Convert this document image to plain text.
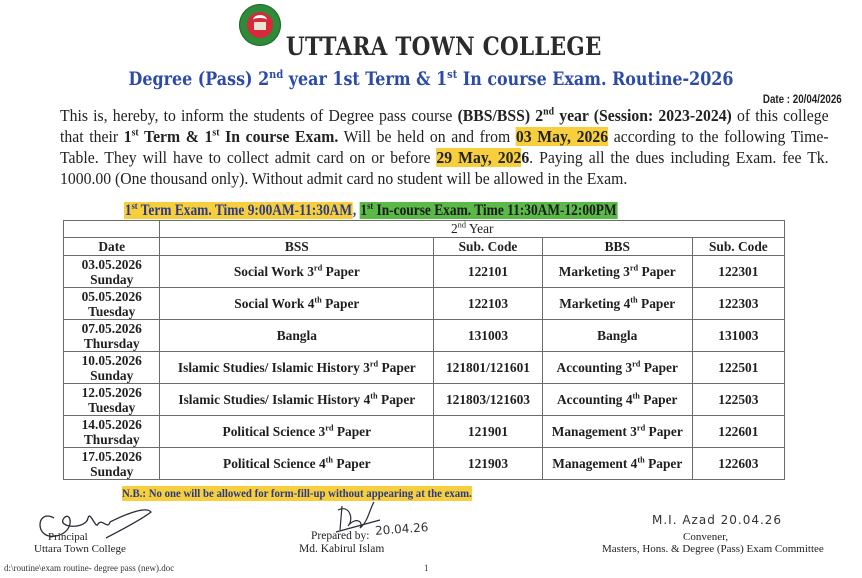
UTTARA TOWN COLLEGE
Degree (Pass) 2nd year 1st Term & 1st In course Exam. Routine-2026
Date : 20/04/2026
This is, hereby, to inform the students of Degree pass course (BBS/BSS) 2nd year (Session: 2023-2024) of this college that their 1st Term & 1st In course Exam. Will be held on and from 03 May, 2026 according to the following Time-Table. They will have to collect admit card on or before 29 May, 2026. Paying all the dues including Exam. fee Tk. 1000.00 (One thousand only). Without admit card no student will be allowed in the Exam.
1st Term Exam. Time 9:00AM-11:30AM, 1st In-course Exam. Time 11:30AM-12:00PM
	2nd Year			
Date	BSS	Sub. Code	BBS	Sub. Code
03.05.2026
Sunday	Social Work 3rd Paper	122101	Marketing 3rd Paper	122301
05.05.2026
Tuesday	Social Work 4th Paper	122103	Marketing 4th Paper	122303
07.05.2026
Thursday	Bangla	131003	Bangla	131003
10.05.2026
Sunday	Islamic Studies/ Islamic History 3rd Paper	121801/121601	Accounting 3rd Paper	122501
12.05.2026
Tuesday	Islamic Studies/ Islamic History 4th Paper	121803/121603	Accounting 4th Paper	122503
14.05.2026
Thursday	Political Science 3rd Paper	121901	Management 3rd Paper	122601
17.05.2026
Sunday	Political Science 4th Paper	121903	Management 4th Paper	122603
N.B.: No one will be allowed for form-fill-up without appearing at the exam.
Principal
Uttara Town College
Prepared by: 20.04.26
Md. Kabirul Islam
M.I. Azad 20.04.26
Convener,
Masters, Hons. & Degree (Pass) Exam Committee
d:\routine\exam routine- degree pass (new).doc	1
